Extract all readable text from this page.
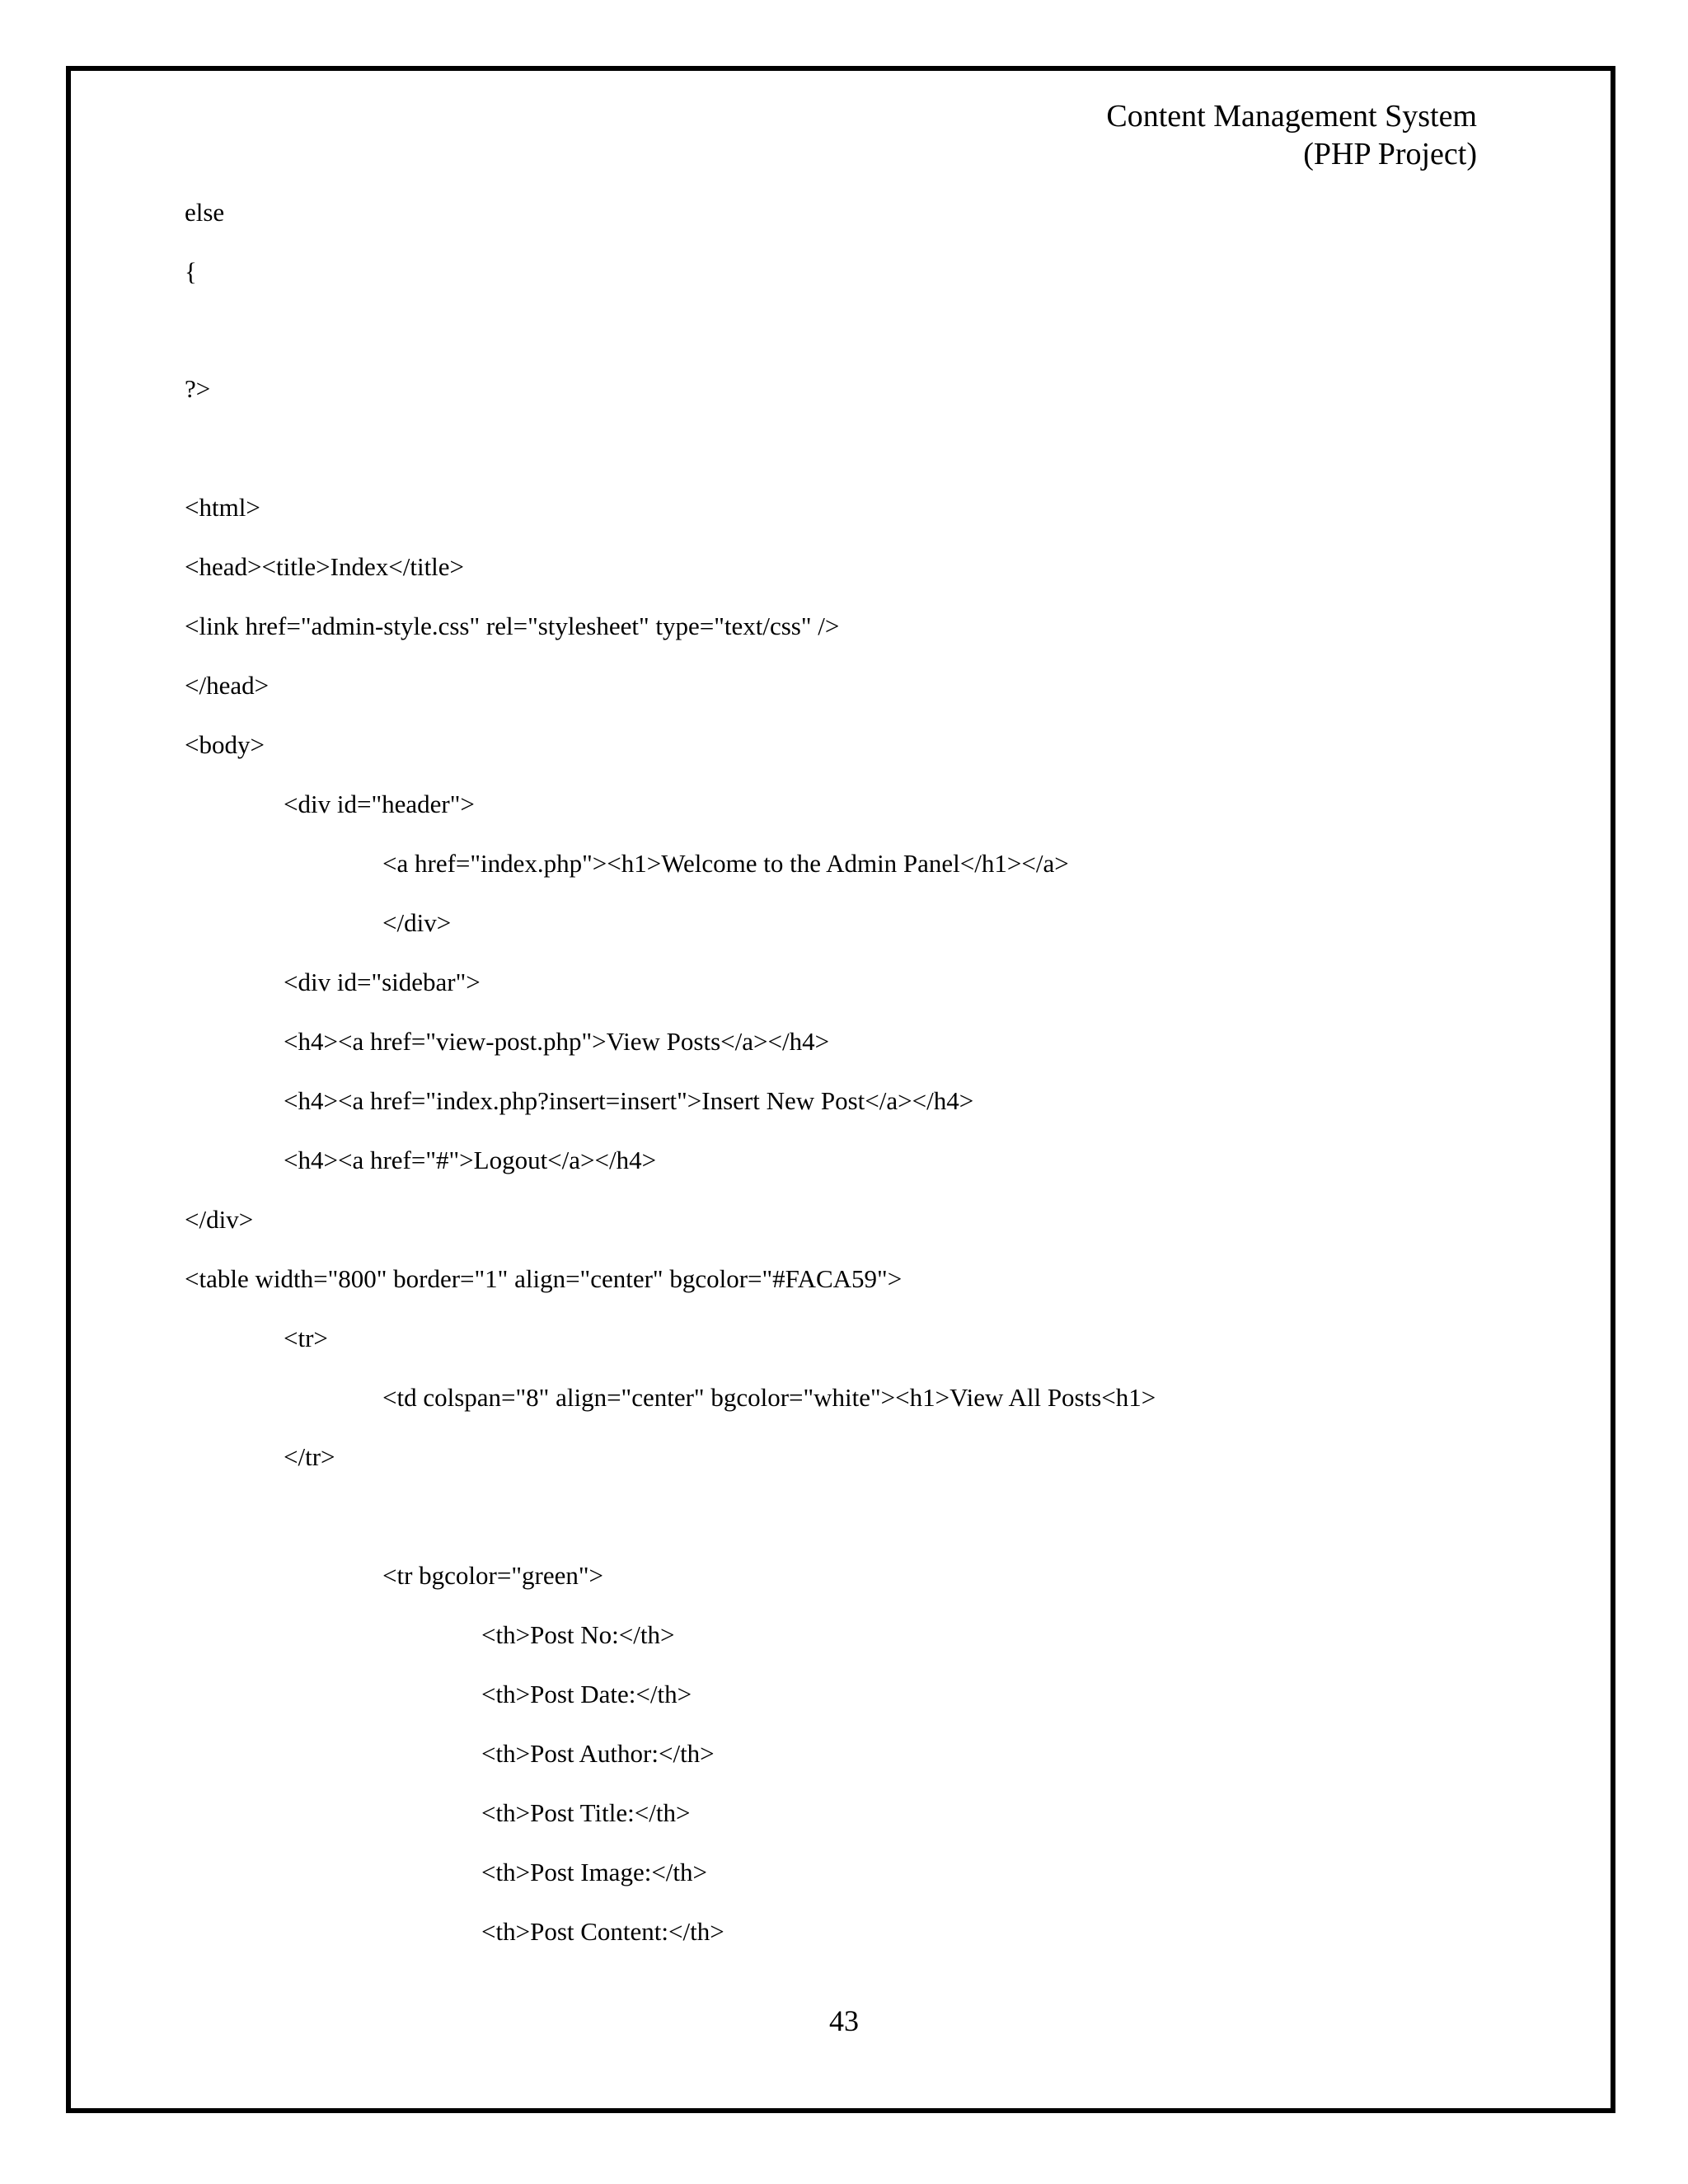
Content Management System
(PHP Project)
else
{
?>
<html>
<head><title>Index</title>
<link href="admin-style.css" rel="stylesheet" type="text/css" />
</head>
<body>
<div id="header">
<a href="index.php"><h1>Welcome to the Admin Panel</h1></a>
</div>
<div id="sidebar">
<h4><a href="view-post.php">View Posts</a></h4>
<h4><a href="index.php?insert=insert">Insert New Post</a></h4>
<h4><a href="#">Logout</a></h4>
</div>
<table width="800" border="1" align="center" bgcolor="#FACA59">
<tr>
<td colspan="8" align="center" bgcolor="white"><h1>View All Posts<h1>
</tr>
<tr bgcolor="green">
<th>Post No:</th>
<th>Post Date:</th>
<th>Post Author:</th>
<th>Post Title:</th>
<th>Post Image:</th>
<th>Post Content:</th>
43
